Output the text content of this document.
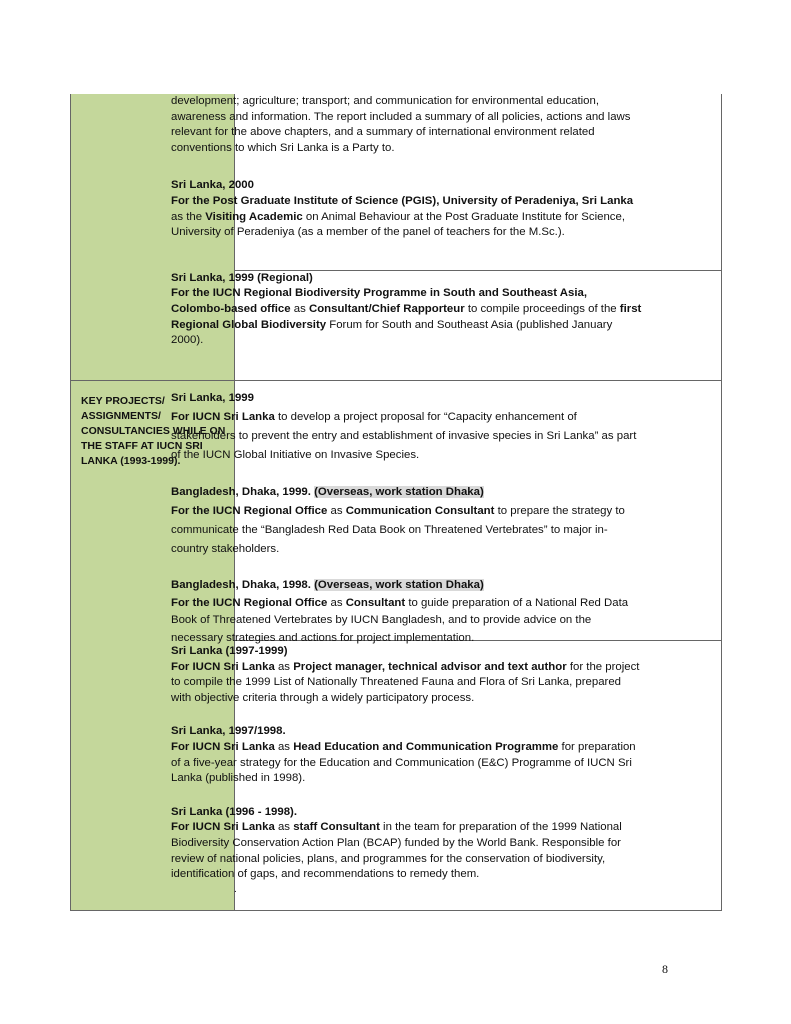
KEY PROJECTS/ ASSIGNMENTS/ CONSULTANCIES WHILE ON THE STAFF AT IUCN SRI LANKA (1993-1999).
development; agriculture; transport; and communication for environmental education, awareness and information. The report included a summary of all policies, actions and laws relevant for the above chapters, and a summary of international environment related conventions to which Sri Lanka is a Party to.
Sri Lanka, 2000
For the Post Graduate Institute of Science (PGIS), University of Peradeniya, Sri Lanka as the Visiting Academic on Animal Behaviour at the Post Graduate Institute for Science, University of Peradeniya (as a member of the panel of teachers for the M.Sc.).
Sri Lanka, 1999 (Regional)
For the IUCN Regional Biodiversity Programme in South and Southeast Asia, Colombo-based office as Consultant/Chief Rapporteur to compile proceedings of the first Regional Global Biodiversity Forum for South and Southeast Asia (published January 2000).
Sri Lanka, 1999
For IUCN Sri Lanka to develop a project proposal for “Capacity enhancement of stakeholders to prevent the entry and establishment of invasive species in Sri Lanka” as part of the IUCN Global Initiative on Invasive Species.
Bangladesh, Dhaka, 1999. (Overseas, work station Dhaka)
For the IUCN Regional Office as Communication Consultant to prepare the strategy to communicate the “Bangladesh Red Data Book on Threatened Vertebrates” to major in-country stakeholders.
Bangladesh, Dhaka, 1998. (Overseas, work station Dhaka)
For the IUCN Regional Office as Consultant to guide preparation of a National Red Data Book of Threatened Vertebrates by IUCN Bangladesh, and to provide advice on the necessary strategies and actions for project implementation.
Sri Lanka (1997-1999)
For IUCN Sri Lanka as Project manager, technical advisor and text author for the project to compile the 1999 List of Nationally Threatened Fauna and Flora of Sri Lanka, prepared with objective criteria through a widely participatory process.
Sri Lanka, 1997/1998.
For IUCN Sri Lanka as Head Education and Communication Programme for preparation of a five-year strategy for the Education and Communication (E&C) Programme of IUCN Sri Lanka (published in 1998).
Sri Lanka (1996 - 1998).
For IUCN Sri Lanka as staff Consultant in the team for preparation of the 1999 National Biodiversity Conservation Action Plan (BCAP) funded by the World Bank. Responsible for review of national policies, plans, and programmes for the conservation of biodiversity, identification of gaps, and recommendations to remedy them.
.
8
